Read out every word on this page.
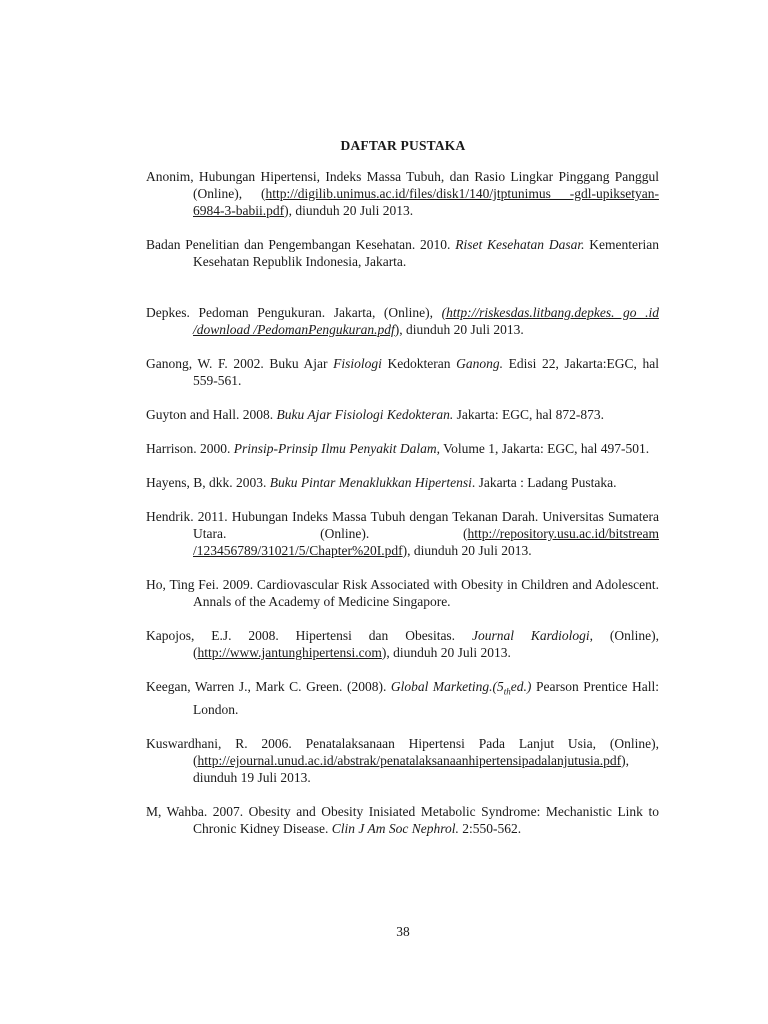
DAFTAR PUSTAKA
Anonim, Hubungan Hipertensi, Indeks Massa Tubuh, dan Rasio Lingkar Pinggang Panggul (Online), (http://digilib.unimus.ac.id/files/disk1/140/jtptunimus -gdl-upiksetyan-6984-3-babii.pdf), diunduh 20 Juli 2013.
Badan Penelitian dan Pengembangan Kesehatan. 2010. Riset Kesehatan Dasar. Kementerian Kesehatan Republik Indonesia, Jakarta.
Depkes. Pedoman Pengukuran. Jakarta, (Online), (http://riskesdas.litbang.depkes. go .id /download /PedomanPengukuran.pdf), diunduh 20 Juli 2013.
Ganong, W. F. 2002. Buku Ajar Fisiologi Kedokteran Ganong. Edisi 22, Jakarta:EGC, hal 559-561.
Guyton and Hall. 2008. Buku Ajar Fisiologi Kedokteran. Jakarta: EGC, hal 872-873.
Harrison. 2000. Prinsip-Prinsip Ilmu Penyakit Dalam, Volume 1, Jakarta: EGC, hal 497-501.
Hayens, B, dkk. 2003. Buku Pintar Menaklukkan Hipertensi. Jakarta : Ladang Pustaka.
Hendrik. 2011. Hubungan Indeks Massa Tubuh dengan Tekanan Darah. Universitas Sumatera Utara. (Online). (http://repository.usu.ac.id/bitstream /123456789/31021/5/Chapter%20I.pdf), diunduh 20 Juli 2013.
Ho, Ting Fei. 2009. Cardiovascular Risk Associated with Obesity in Children and Adolescent. Annals of the Academy of Medicine Singapore.
Kapojos, E.J. 2008. Hipertensi dan Obesitas. Journal Kardiologi, (Online), (http://www.jantunghipertensi.com), diunduh 20 Juli 2013.
Keegan, Warren J., Mark C. Green. (2008). Global $Marketing.(5_{th}ed.)$ Pearson Prentice Hall: London.
Kuswardhani, R. 2006. Penatalaksanaan Hipertensi Pada Lanjut Usia, (Online), (http://ejournal.unud.ac.id/abstrak/penatalaksanaanhipertensipadalanjutusia.pdf), diunduh 19 Juli 2013.
M, Wahba. 2007. Obesity and Obesity Inisiated Metabolic Syndrome: Mechanistic Link to Chronic Kidney Disease. Clin J Am Soc Nephrol. 2:550-562.
38
